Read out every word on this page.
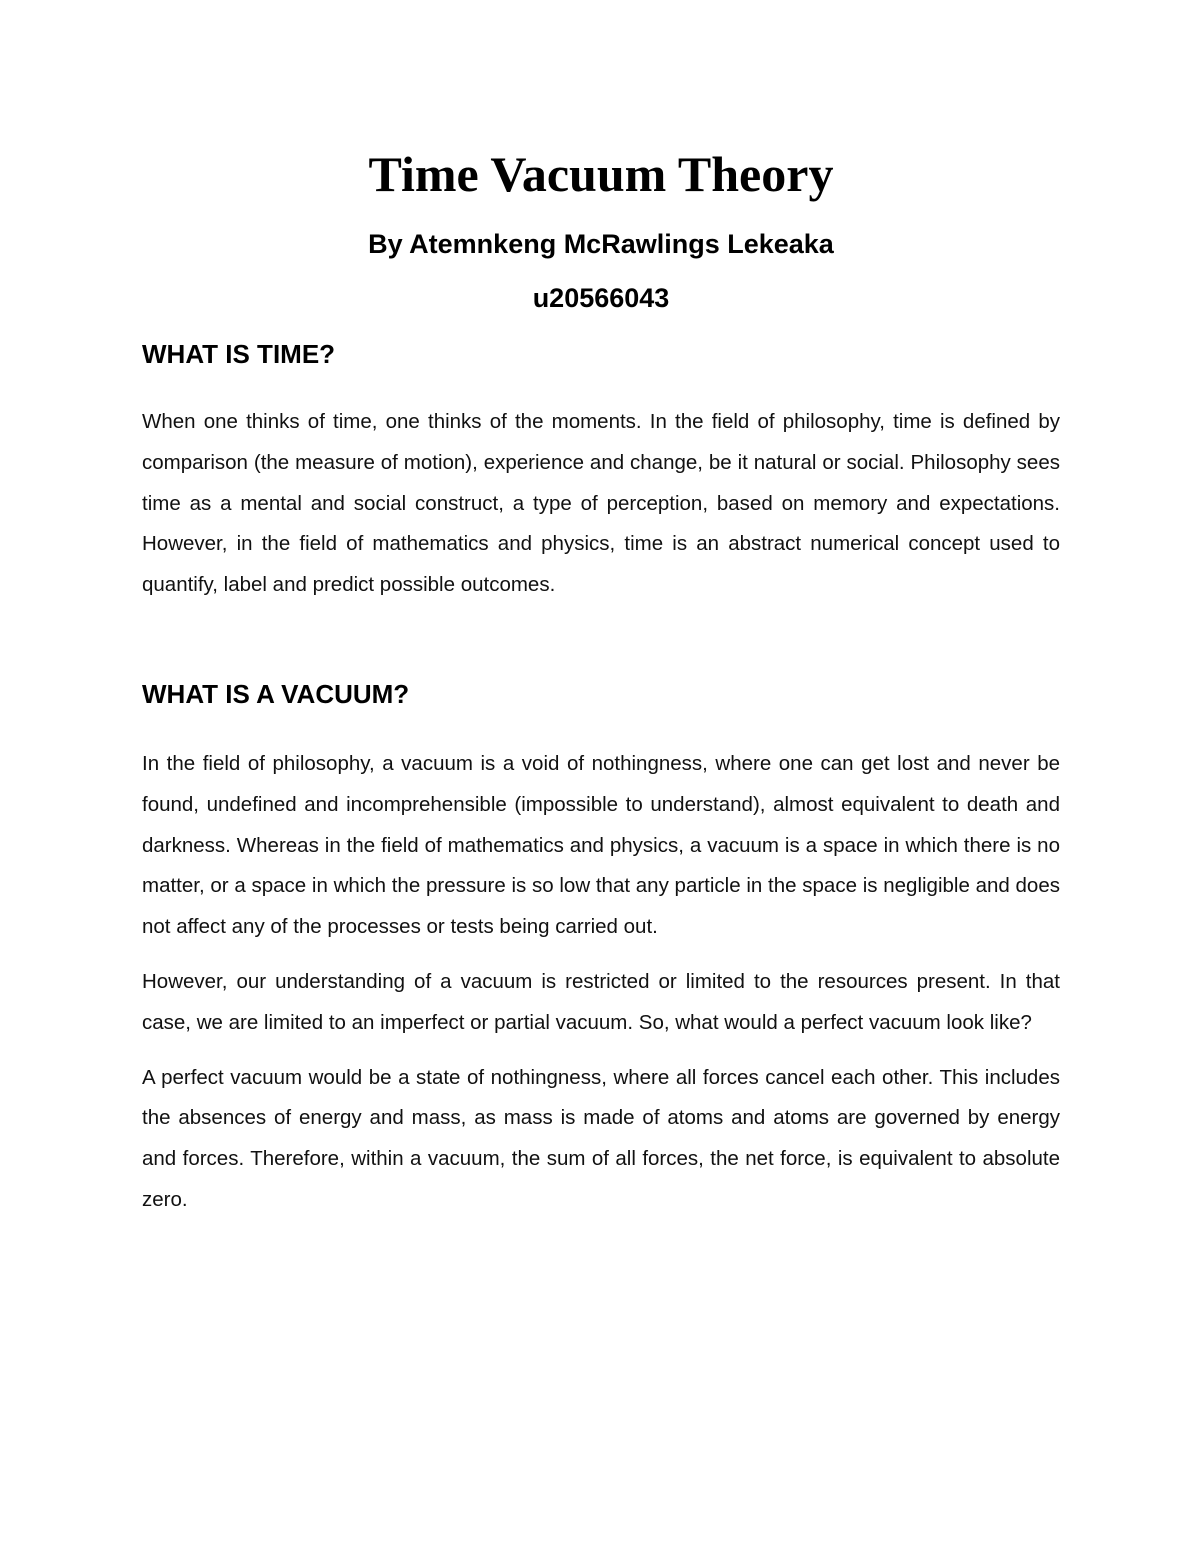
Time Vacuum Theory
By Atemnkeng McRawlings Lekeaka
u20566043
WHAT IS TIME?

When one thinks of time, one thinks of the moments. In the field of philosophy, time is defined by comparison (the measure of motion), experience and change, be it natural or social. Philosophy sees time as a mental and social construct, a type of perception, based on memory and expectations. However, in the field of mathematics and physics, time is an abstract numerical concept used to quantify, label and predict possible outcomes.

WHAT IS A VACUUM?

In the field of philosophy, a vacuum is a void of nothingness, where one can get lost and never be found, undefined and incomprehensible (impossible to understand), almost equivalent to death and darkness. Whereas in the field of mathematics and physics, a vacuum is a space in which there is no matter, or a space in which the pressure is so low that any particle in the space is negligible and does not affect any of the processes or tests being carried out.

However, our understanding of a vacuum is restricted or limited to the resources present. In that case, we are limited to an imperfect or partial vacuum. So, what would a perfect vacuum look like?

A perfect vacuum would be a state of nothingness, where all forces cancel each other. This includes the absences of energy and mass, as mass is made of atoms and atoms are governed by energy and forces. Therefore, within a vacuum, the sum of all forces, the net force, is equivalent to absolute zero.
